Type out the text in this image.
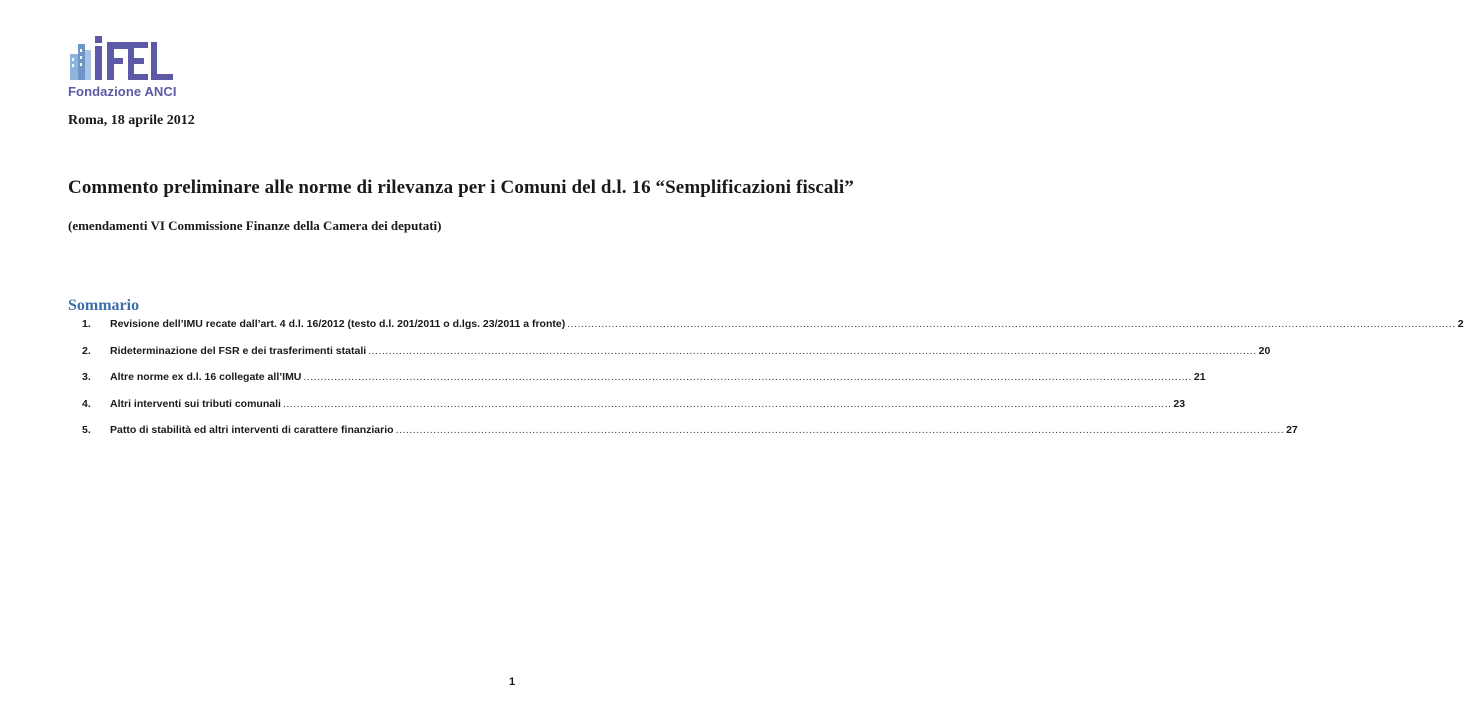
Fondazione ANCI
Roma, 18 aprile 2012
Commento preliminare alle norme di rilevanza per i Comuni del d.l. 16 “Semplificazioni fiscali”
(emendamenti VI Commissione Finanze della Camera dei deputati)
Sommario
1.	Revisione dell’IMU recate dall’art. 4 d.l. 16/2012 (testo d.l. 201/2011 o d.lgs. 23/2011 a fronte) .................................................................................................................................................................................................................................................................... 2
2.	Rideterminazione del FSR e dei trasferimenti statali .................................................................................................................................................................................................................................................................... 20
3.	Altre norme ex d.l. 16 collegate all’IMU .................................................................................................................................................................................................................................................................... 21
4.	Altri interventi sui tributi comunali .................................................................................................................................................................................................................................................................... 23
5.	Patto di stabilità ed altri interventi di carattere finanziario .................................................................................................................................................................................................................................................................... 27
1
